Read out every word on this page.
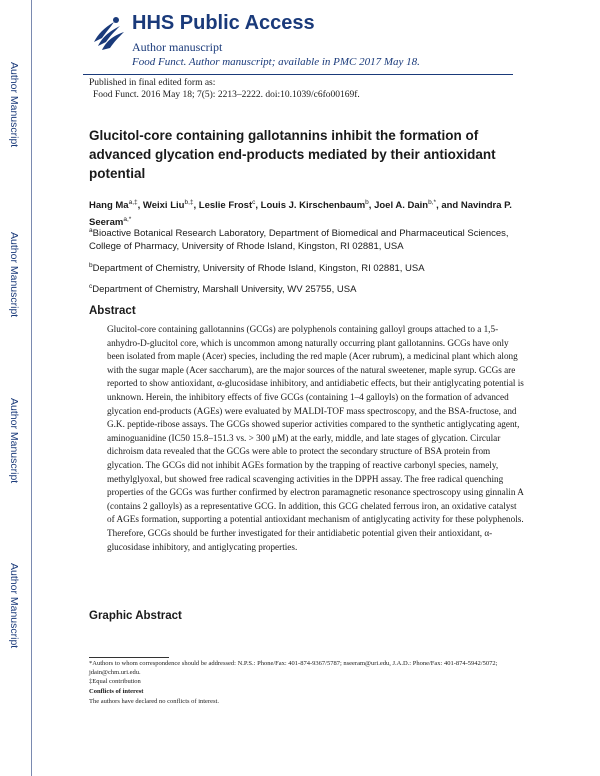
Author Manuscript
Author Manuscript
Author Manuscript
Author Manuscript
HHS Public Access
Author manuscript
Food Funct. Author manuscript; available in PMC 2017 May 18.
Published in final edited form as:
Food Funct. 2016 May 18; 7(5): 2213–2222. doi:10.1039/c6fo00169f.
Glucitol-core containing gallotannins inhibit the formation of advanced glycation end-products mediated by their antioxidant potential
Hang $Ma^{a,\ddagger}$, Weixi Liu$^{b,\ddagger}$, Leslie Frost$^c$, Louis J. Kirschenbaum$^b$, Joel A. Dain$^{b,*}$, and Navindra P. Seeram$^{a,*}$
$^a$Bioactive Botanical Research Laboratory, Department of Biomedical and Pharmaceutical Sciences, College of Pharmacy, University of Rhode Island, Kingston, RI 02881, USA
$^b$Department of Chemistry, University of Rhode Island, Kingston, RI 02881, USA
$^c$Department of Chemistry, Marshall University, WV 25755, USA
Abstract
Glucitol-core containing gallotannins (GCGs) are polyphenols containing galloyl groups attached to a 1,5-anhydro-D-glucitol core, which is uncommon among naturally occurring plant gallotannins. GCGs have only been isolated from maple (Acer) species, including the red maple (Acer rubrum), a medicinal plant which along with the sugar maple (Acer saccharum), are the major sources of the natural sweetener, maple syrup. GCGs are reported to show antioxidant, α-glucosidase inhibitory, and antidiabetic effects, but their antiglycating potential is unknown. Herein, the inhibitory effects of five GCGs (containing 1–4 galloyls) on the formation of advanced glycation end-products (AGEs) were evaluated by MALDI-TOF mass spectroscopy, and the BSA-fructose, and G.K. peptide-ribose assays. The GCGs showed superior activities compared to the synthetic antiglycating agent, aminoguanidine (IC50 15.8–151.3 vs. > 300 μM) at the early, middle, and late stages of glycation. Circular dichroism data revealed that the GCGs were able to protect the secondary structure of BSA protein from glycation. The GCGs did not inhibit AGEs formation by the trapping of reactive carbonyl species, namely, methylglyoxal, but showed free radical scavenging activities in the DPPH assay. The free radical quenching properties of the GCGs was further confirmed by electron paramagnetic resonance spectroscopy using ginnalin A (contains 2 galloyls) as a representative GCG. In addition, this GCG chelated ferrous iron, an oxidative catalyst of AGEs formation, supporting a potential antioxidant mechanism of antiglycating activity for these polyphenols. Therefore, GCGs should be further investigated for their antidiabetic potential given their antioxidant, α-glucosidase inhibitory, and antiglycating properties.
Graphic Abstract
*Authors to whom correspondence should be addressed: N.P.S.: Phone/Fax: 401-874-9367/5787; nseeram@uri.edu, J.A.D.: Phone/Fax: 401-874-5942/5072; jdain@chm.uri.edu.
‡Equal contribution
Conflicts of interest
The authors have declared no conflicts of interest.
